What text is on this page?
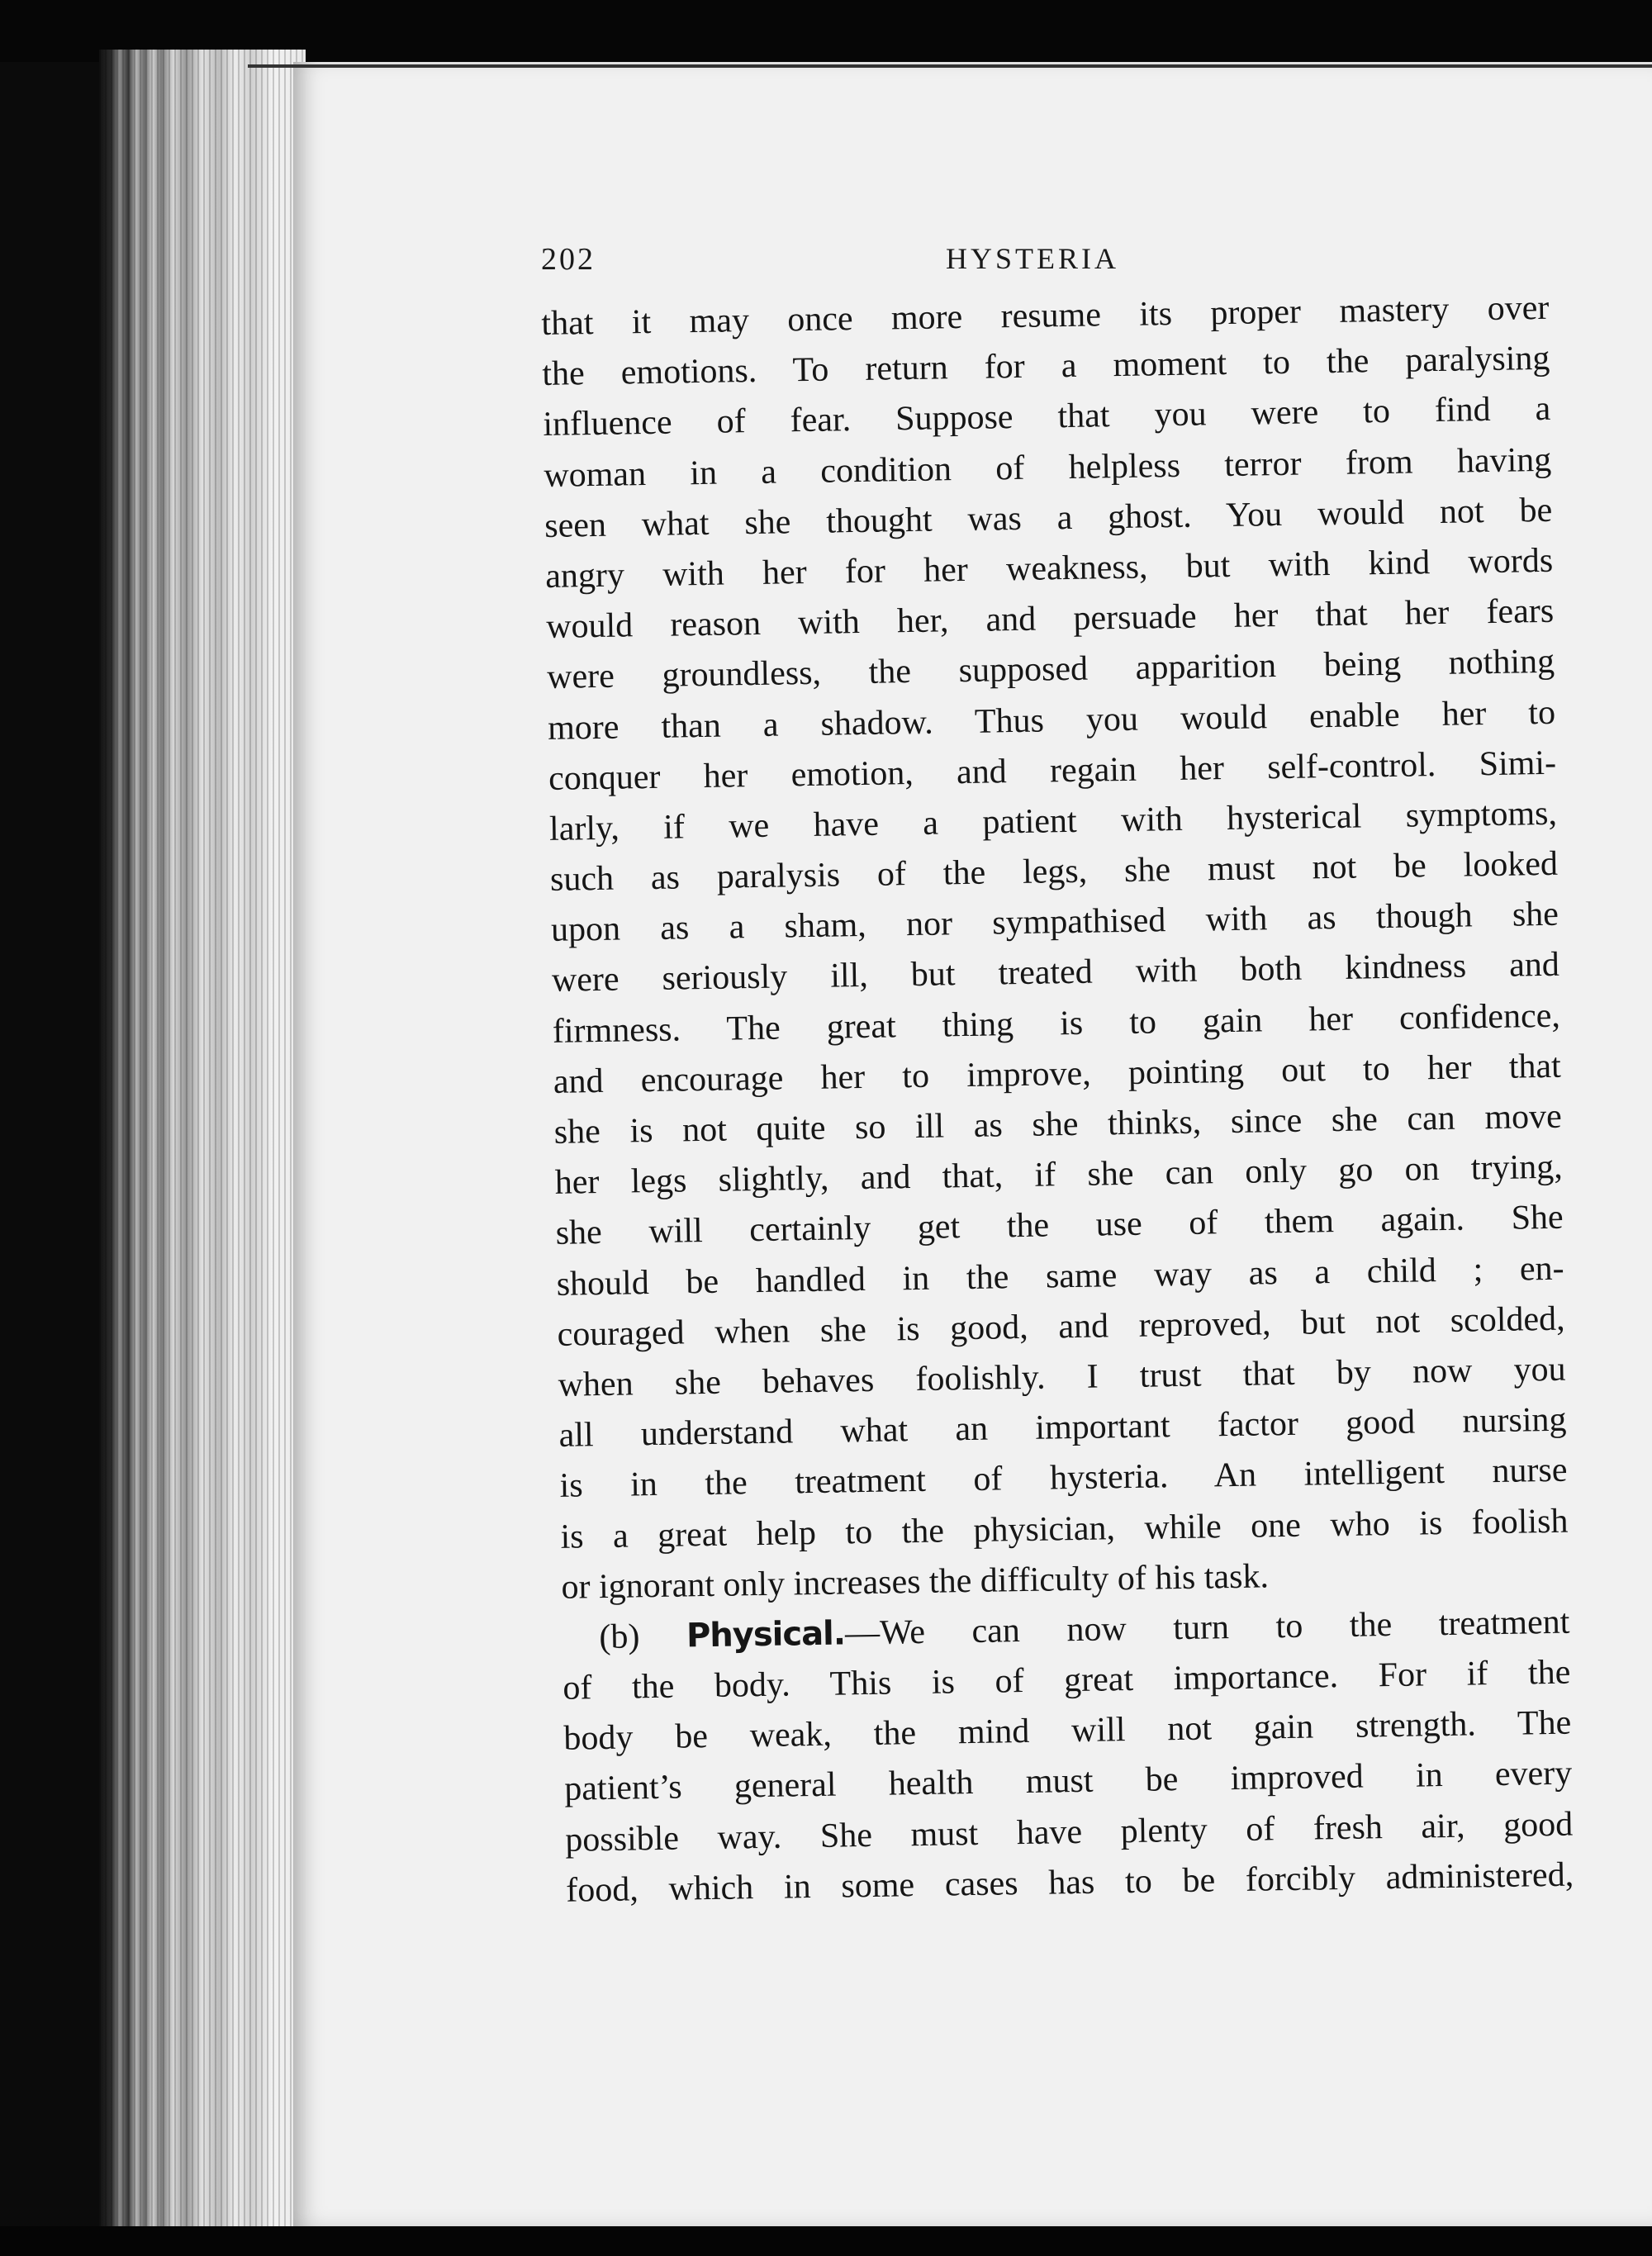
202	HYSTERIA
that it may once more resume its proper mastery over
the emotions. To return for a moment to the paralysing
influence of fear. Suppose that you were to find a
woman in a condition of helpless terror from having
seen what she thought was a ghost. You would not be
angry with her for her weakness, but with kind words
would reason with her, and persuade her that her fears
were groundless, the supposed apparition being nothing
more than a shadow. Thus you would enable her to
conquer her emotion, and regain her self-control. Simi-
larly, if we have a patient with hysterical symptoms,
such as paralysis of the legs, she must not be looked
upon as a sham, nor sympathised with as though she
were seriously ill, but treated with both kindness and
firmness. The great thing is to gain her confidence,
and encourage her to improve, pointing out to her that
she is not quite so ill as she thinks, since she can move
her legs slightly, and that, if she can only go on trying,
she will certainly get the use of them again. She
should be handled in the same way as a child ; en-
couraged when she is good, and reproved, but not scolded,
when she behaves foolishly. I trust that by now you
all understand what an important factor good nursing
is in the treatment of hysteria. An intelligent nurse
is a great help to the physician, while one who is foolish
or ignorant only increases the difficulty of his task.
(b) Physical.—We can now turn to the treatment
of the body. This is of great importance. For if the
body be weak, the mind will not gain strength. The
patient’s general health must be improved in every
possible way. She must have plenty of fresh air, good
food, which in some cases has to be forcibly administered,
